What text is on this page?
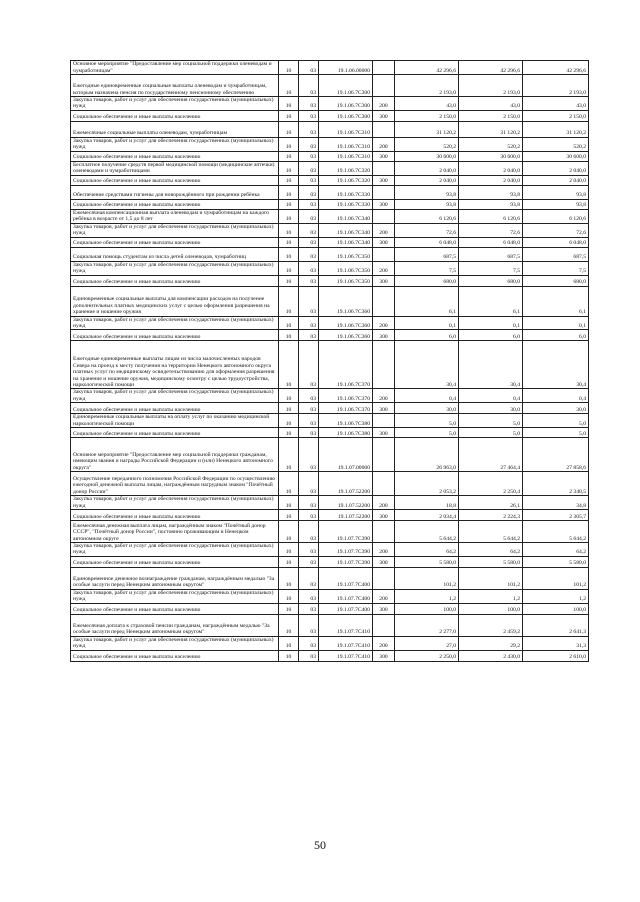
Основное мероприятие "Предоставление мер социальной поддержки оленеводам и чумработницам"	10	03	19.1.06.00000		42 296,6	42 296,6	42 296,6
Ежегодные единовременные социальные выплаты оленеводам и чумработницам, которым назначена пенсия по государственному пенсионному обеспечению	10	03	19.1.06.7С300		2 193,0	2 193,0	2 193,0
Закупка товаров, работ и услуг для обеспечения государственных (муниципальных) нужд	10	03	19.1.06.7С300	200	43,0	43,0	43,0
Социальное обеспечение и иные выплаты населению	10	03	19.1.06.7С300	300	2 150,0	2 150,0	2 150,0
Ежемесячные социальные выплаты оленеводам, чумработницам	10	03	19.1.06.7С310		31 120,2	31 120,2	31 120,2
Закупка товаров, работ и услуг для обеспечения государственных (муниципальных) нужд	10	03	19.1.06.7С310	200	520,2	520,2	520,2
Социальное обеспечение и иные выплаты населению	10	03	19.1.06.7С310	300	30 600,0	30 600,0	30 600,0
Бесплатное получение средств первой медицинской помощи (медицинские аптечки) оленеводами и чумработницами	10	03	19.1.06.7С320		2 040,0	2 040,0	2 040,0
Социальное обеспечение и иные выплаты населению	10	03	19.1.06.7С320	300	2 040,0	2 040,0	2 040,0
Обеспечение средствами гигиены для новорождённого при рождении ребёнка	10	03	19.1.06.7С330		93,8	93,8	93,8
Социальное обеспечение и иные выплаты населению	10	03	19.1.06.7С330	300	93,8	93,8	93,8
Ежемесячная компенсационная выплата оленеводам и чумработницам на каждого ребёнка в возрасте от 1,5 до 8 лет	10	03	19.1.06.7С340		6 120,6	6 120,6	6 120,6
Закупка товаров, работ и услуг для обеспечения государственных (муниципальных) нужд	10	03	19.1.06.7С340	200	72,6	72,6	72,6
Социальное обеспечение и иные выплаты населению	10	03	19.1.06.7С340	300	6 048,0	6 048,0	6 048,0
Социальная помощь студентам из числа детей оленеводов, чумработниц	10	03	19.1.06.7С350		687,5	687,5	687,5
Закупка товаров, работ и услуг для обеспечения государственных (муниципальных) нужд	10	03	19.1.06.7С350	200	7,5	7,5	7,5
Социальное обеспечение и иные выплаты населению	10	03	19.1.06.7С350	300	680,0	680,0	680,0
Единовременные социальные выплаты для компенсации расходов на получение дополнительных платных медицинских услуг с целью оформления разрешения на хранение и ношение оружия	10	03	19.1.06.7С360		6,1	6,1	6,1
Закупка товаров, работ и услуг для обеспечения государственных (муниципальных) нужд	10	03	19.1.06.7С360	200	0,1	0,1	0,1
Социальное обеспечение и иные выплаты населению	10	03	19.1.06.7С360	300	6,0	6,0	6,0
Ежегодные единовременные выплаты лицам из числа малочисленных народов Севера на проезд к месту получения на территории Ненецкого автономного округа платных услуг по медицинскому освидетельствованию для оформления разрешения на хранение и ношение оружия, медицинскому осмотру с целью трудоустройства, наркологической помощи	10	03	19.1.06.7С370		30,4	30,4	30,4
Закупка товаров, работ и услуг для обеспечения государственных (муниципальных) нужд	10	03	19.1.06.7С370	200	0,4	0,4	0,4
Социальное обеспечение и иные выплаты населению	10	03	19.1.06.7С370	300	30,0	30,0	30,0
Единовременные социальные выплаты на оплату услуг по оказанию медицинской наркологической помощи	10	03	19.1.06.7С380		5,0	5,0	5,0
Социальное обеспечение и иные выплаты населению	10	03	19.1.06.7С380	300	5,0	5,0	5,0
Основное мероприятие "Предоставление мер социальной поддержки гражданам, имеющим звания и награды Российской Федерации и (или) Ненецкого автономного округа"	10	03	19.1.07.00000		26 963,0	27 464,4	27 858,6
Осуществление переданного полномочия Российской Федерации по осуществлению ежегодной денежной выплаты лицам, награждённым нагрудным знаком "Почётный донор России"	10	03	19.1.07.52200		2 053,2	2 250,4	2 340,5
Закупка товаров, работ и услуг для обеспечения государственных (муниципальных) нужд	10	03	19.1.07.52200	200	18,8	26,1	34,8
Социальное обеспечение и иные выплаты населению	10	03	19.1.07.52200	300	2 034,4	2 224,3	2 305,7
Ежемесячная денежная выплата лицам, награждённым знаком "Почётный донор СССР", "Почётный донор России", постоянно проживающим в Ненецком автономном округе	10	03	19.1.07.7С390		5 644,2	5 644,2	5 644,2
Закупка товаров, работ и услуг для обеспечения государственных (муниципальных) нужд	10	03	19.1.07.7С390	200	64,2	64,2	64,2
Социальное обеспечение и иные выплаты населению	10	03	19.1.07.7С390	300	5 580,0	5 580,0	5 580,0
Единовременное денежное вознаграждение гражданам, награждённым медалью "За особые заслуги перед Ненецким автономным округом"	10	03	19.1.07.7С400		101,2	101,2	101,2
Закупка товаров, работ и услуг для обеспечения государственных (муниципальных) нужд	10	03	19.1.07.7С400	200	1,2	1,2	1,2
Социальное обеспечение и иные выплаты населению	10	03	19.1.07.7С400	300	100,0	100,0	100,0
Ежемесячная доплата к страховой пенсии гражданам, награждённым медалью "За особые заслуги перед Ненецким автономным округом"	10	03	19.1.07.7С410		2 277,0	2 459,2	2 641,3
Закупка товаров, работ и услуг для обеспечения государственных (муниципальных) нужд	10	03	19.1.07.7С410	200	27,0	29,2	31,3
Социальное обеспечение и иные выплаты населению	10	03	19.1.07.7С410	300	2 250,0	2 430,0	2 610,0
50
